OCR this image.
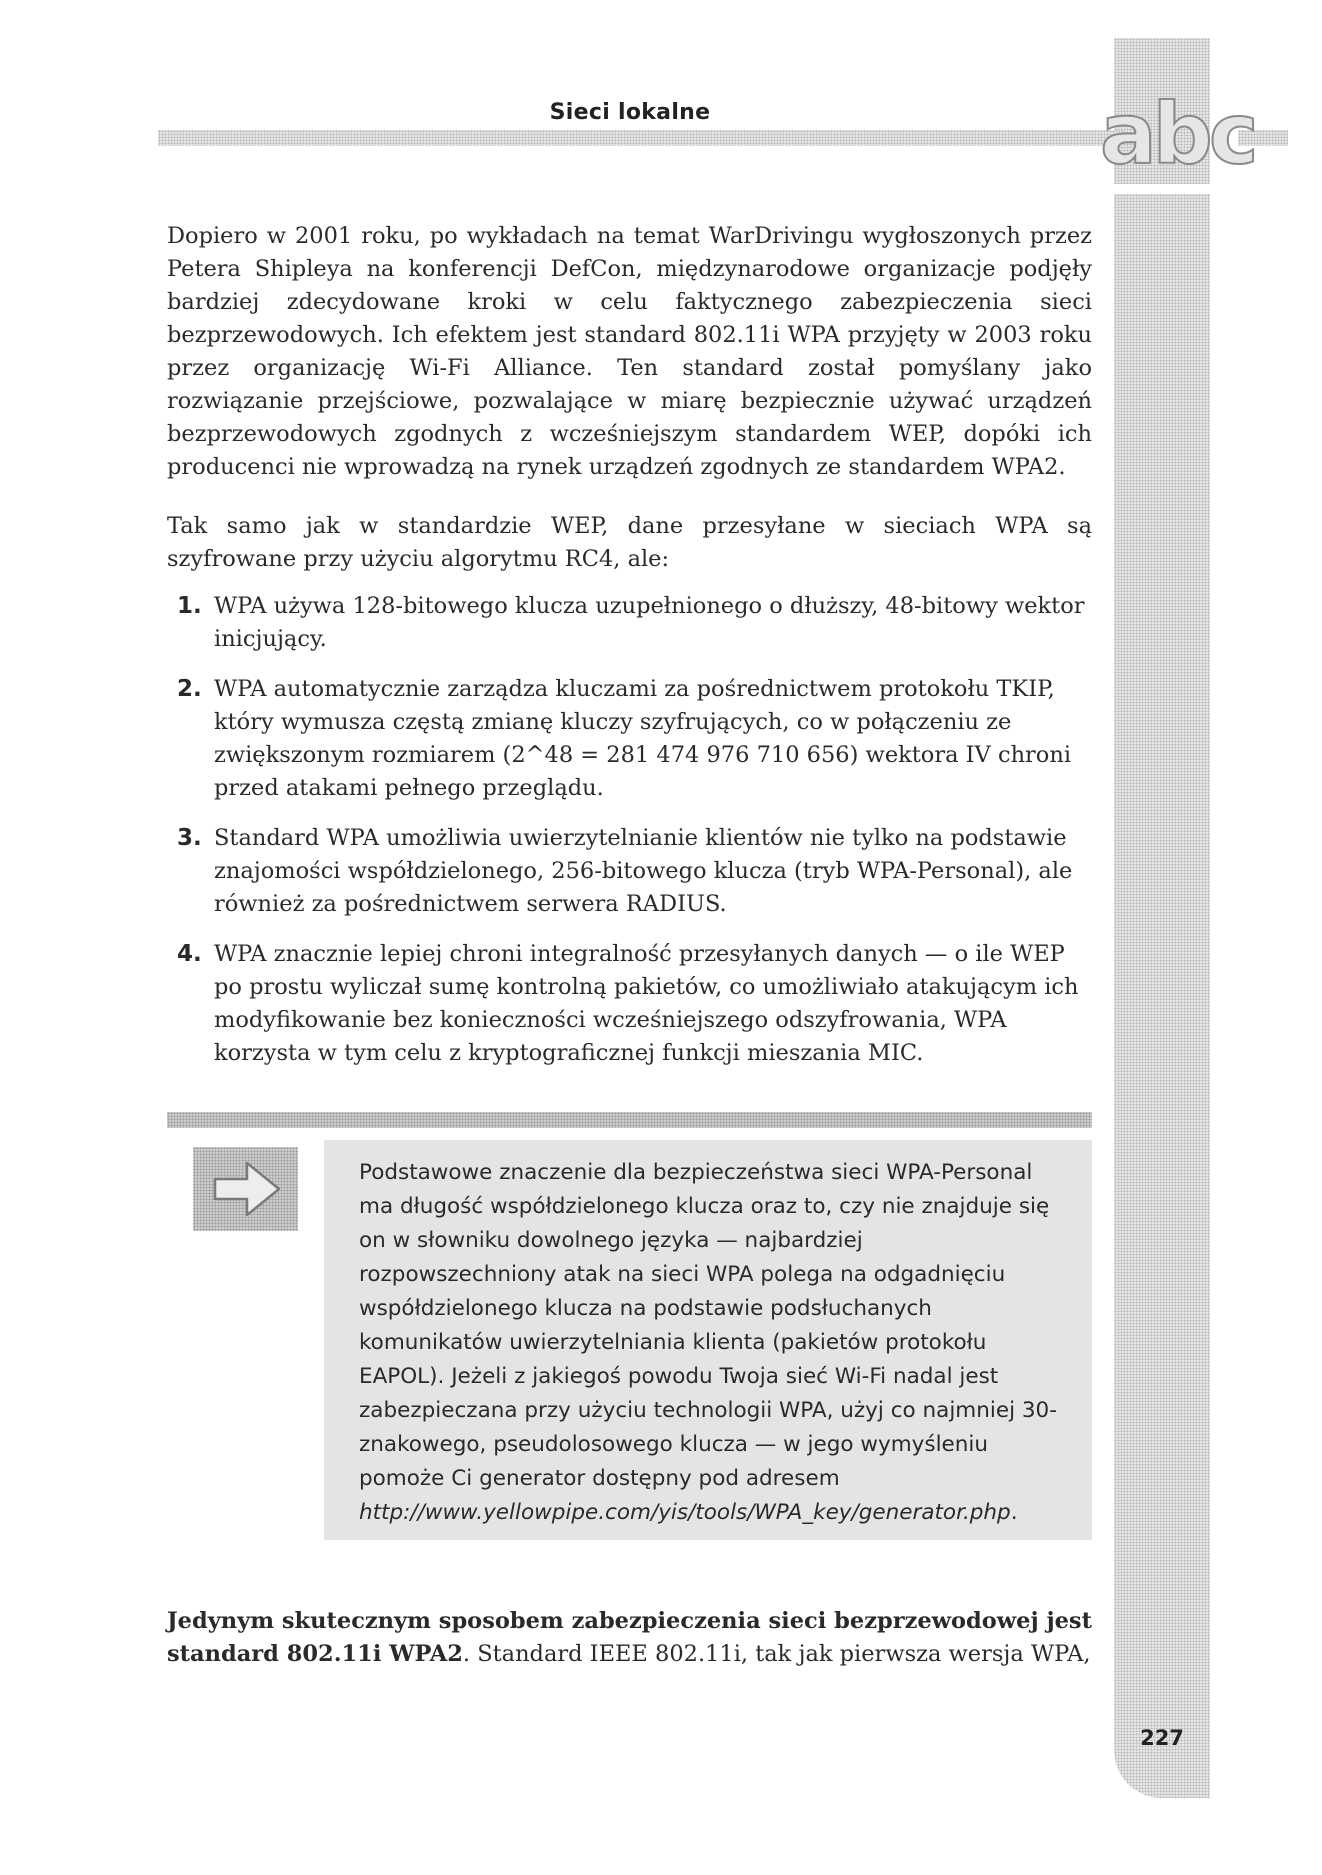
227
Sieci lokalne	abc

Dopiero w 2001 roku, po wykładach na temat WarDrivingu wygłoszonych przez Petera Shipleya na konferencji DefCon, międzynarodowe organizacje podjęły bardziej zdecydowane kroki w celu faktycznego zabezpieczenia sieci bezprzewodowych. Ich efektem jest standard 802.11i WPA przyjęty w 2003 roku przez organizację Wi-Fi Alliance. Ten standard został pomyślany jako rozwiązanie przejściowe, pozwalające w miarę bezpiecznie używać urządzeń bezprzewodowych zgodnych z wcześniejszym standardem WEP, dopóki ich producenci nie wprowadzą na rynek urządzeń zgodnych ze standardem WPA2.

Tak samo jak w standardzie WEP, dane przesyłane w sieciach WPA są szyfrowane przy użyciu algorytmu RC4, ale:

1. WPA używa 128-bitowego klucza uzupełnionego o dłuższy, 48-bitowy wektor inicjujący.
2. WPA automatycznie zarządza kluczami za pośrednictwem protokołu TKIP, który wymusza częstą zmianę kluczy szyfrujących, co w połączeniu ze zwiększonym rozmiarem (2^48 = 281 474 976 710 656) wektora IV chroni przed atakami pełnego przeglądu.
3. Standard WPA umożliwia uwierzytelnianie klientów nie tylko na podstawie znajomości współdzielonego, 256-bitowego klucza (tryb WPA-Personal), ale również za pośrednictwem serwera RADIUS.
4. WPA znacznie lepiej chroni integralność przesyłanych danych — o ile WEP po prostu wyliczał sumę kontrolną pakietów, co umożliwiało atakującym ich modyfikowanie bez konieczności wcześniejszego odszyfrowania, WPA korzysta w tym celu z kryptograficznej funkcji mieszania MIC.
Podstawowe znaczenie dla bezpieczeństwa sieci WPA-Personal ma długość współdzielonego klucza oraz to, czy nie znajduje się on w słowniku dowolnego języka — najbardziej rozpowszechniony atak na sieci WPA polega na odgadnięciu współdzielonego klucza na podstawie podsłuchanych komunikatów uwierzytelniania klienta (pakietów protokołu EAPOL). Jeżeli z jakiegoś powodu Twoja sieć Wi-Fi nadal jest zabezpieczana przy użyciu technologii WPA, użyj co najmniej 30-znakowego, pseudolosowego klucza — w jego wymyśleniu pomoże Ci generator dostępny pod adresem http://www.yellowpipe.com/yis/tools/WPA_key/generator.php.

Jedynym skutecznym sposobem zabezpieczenia sieci bezprzewodowej jest standard 802.11i WPA2. Standard IEEE 802.11i, tak jak pierwsza wersja WPA,
